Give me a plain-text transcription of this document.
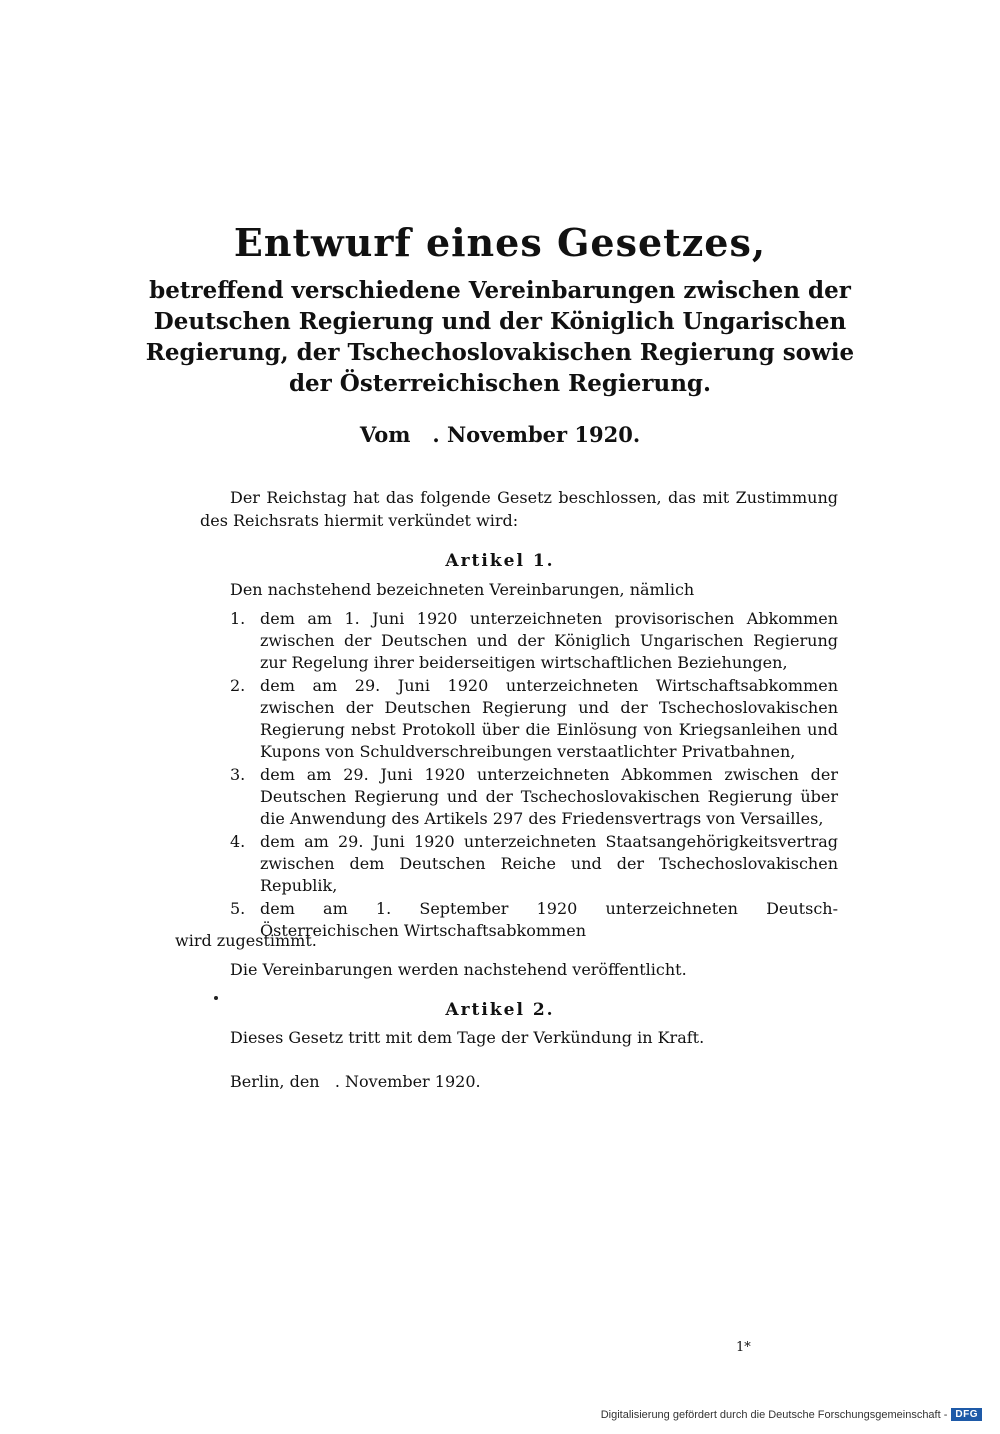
Entwurf eines Gesetzes,

betreffend verschiedene Vereinbarungen zwischen der Deutschen Regierung und der Königlich Ungarischen Regierung, der Tschechoslovakischen Regierung sowie der Österreichischen Regierung.

Vom   . November 1920.

Der Reichstag hat das folgende Gesetz beschlossen, das mit Zustimmung
des Reichsrats hiermit verkündet wird:

Artikel 1.

Den nachstehend bezeichneten Vereinbarungen, nämlich

1. dem am 1. Juni 1920 unterzeichneten provisorischen Abkommen zwischen der Deutschen und der Königlich Ungarischen Regierung zur Regelung ihrer beiderseitigen wirtschaftlichen Beziehungen,
2. dem am 29. Juni 1920 unterzeichneten Wirtschaftsabkommen zwischen der Deutschen Regierung und der Tschechoslovakischen Regierung nebst Protokoll über die Einlösung von Kriegsanleihen und Kupons von Schuldverschreibungen verstaatlichter Privatbahnen,
3. dem am 29. Juni 1920 unterzeichneten Abkommen zwischen der Deutschen Regierung und der Tschechoslovakischen Regierung über die Anwendung des Artikels 297 des Friedensvertrags von Versailles,
4. dem am 29. Juni 1920 unterzeichneten Staatsangehörigkeitsvertrag zwischen dem Deutschen Reiche und der Tschechoslovakischen Republik,
5. dem am 1. September 1920 unterzeichneten Deutsch-Österreichischen Wirtschaftsabkommen

wird zugestimmt.

Die Vereinbarungen werden nachstehend veröffentlicht.

Artikel 2.

Dieses Gesetz tritt mit dem Tage der Verkündung in Kraft.

Berlin, den   . November 1920.

1*

Digitalisierung gefördert durch die Deutsche Forschungsgemeinschaft - DFG
